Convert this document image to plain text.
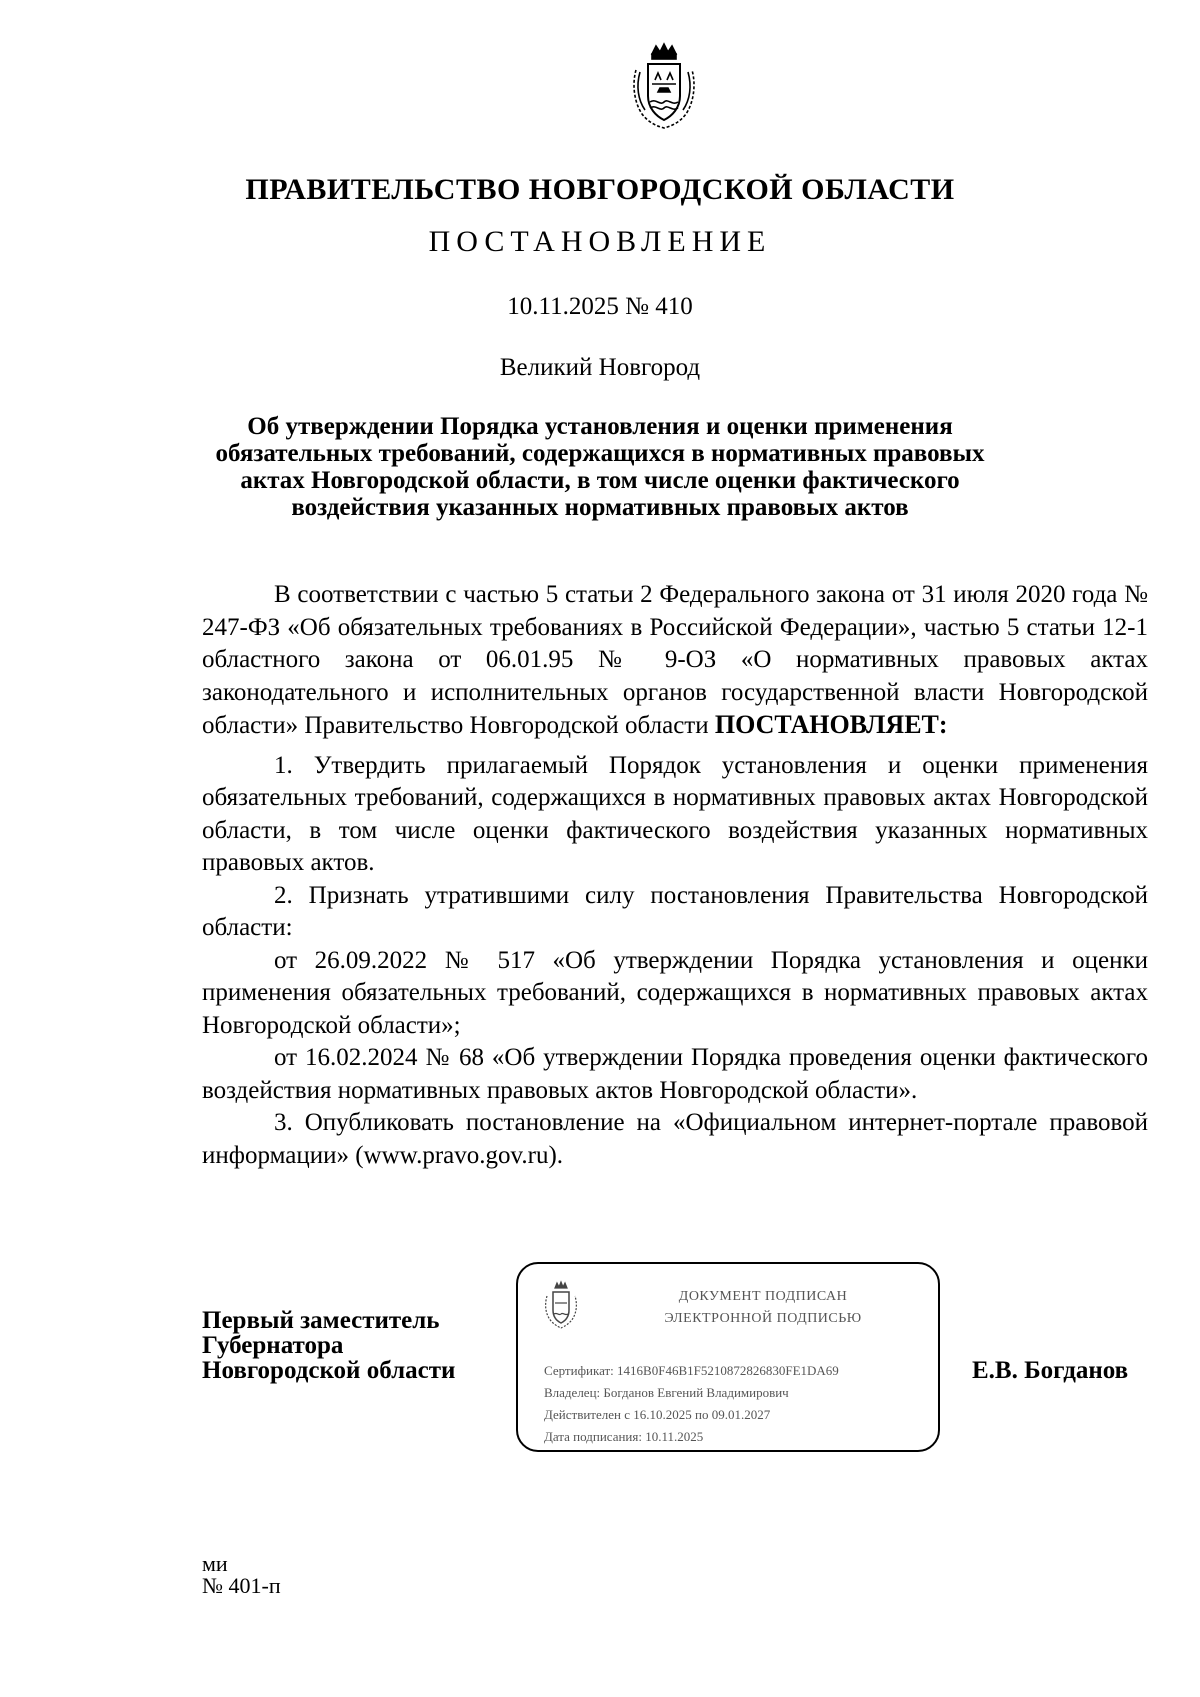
ПРАВИТЕЛЬСТВО НОВГОРОДСКОЙ ОБЛАСТИ
ПОСТАНОВЛЕНИЕ
10.11.2025 № 410
Великий Новгород
Об утверждении Порядка установления и оценки применения
обязательных требований, содержащихся в нормативных правовых
актах Новгородской области, в том числе оценки фактического
воздействия указанных нормативных правовых актов

В соответствии с частью 5 статьи 2 Федерального закона от 31 июля 2020 года № 247-ФЗ «Об обязательных требованиях в Российской Федерации», частью 5 статьи 12-1 областного закона от 06.01.95 № 9-ОЗ «О нормативных правовых актах законодательного и исполнительных органов государственной власти Новгородской области» Правительство Новгородской области ПОСТАНОВЛЯЕТ:

1. Утвердить прилагаемый Порядок установления и оценки применения обязательных требований, содержащихся в нормативных правовых актах Новгородской области, в том числе оценки фактического воздействия указанных нормативных правовых актов.

2. Признать утратившими силу постановления Правительства Новгородской области:

от 26.09.2022 № 517 «Об утверждении Порядка установления и оценки применения обязательных требований, содержащихся в нормативных правовых актах Новгородской области»;

от 16.02.2024 № 68 «Об утверждении Порядка проведения оценки фактического воздействия нормативных правовых актов Новгородской области».

3. Опубликовать постановление на «Официальном интернет-портале правовой информации» (www.pravo.gov.ru).

Первый заместитель
Губернатора
Новгородской области
ДОКУМЕНТ ПОДПИСАН
ЭЛЕКТРОННОЙ ПОДПИСЬЮ
Сертификат: 1416B0F46B1F5210872826830FE1DA69
Владелец: Богданов Евгений Владимирович
Действителен с 16.10.2025 по 09.01.2027
Дата подписания: 10.11.2025
Е.В. Богданов
ми
№ 401-п
